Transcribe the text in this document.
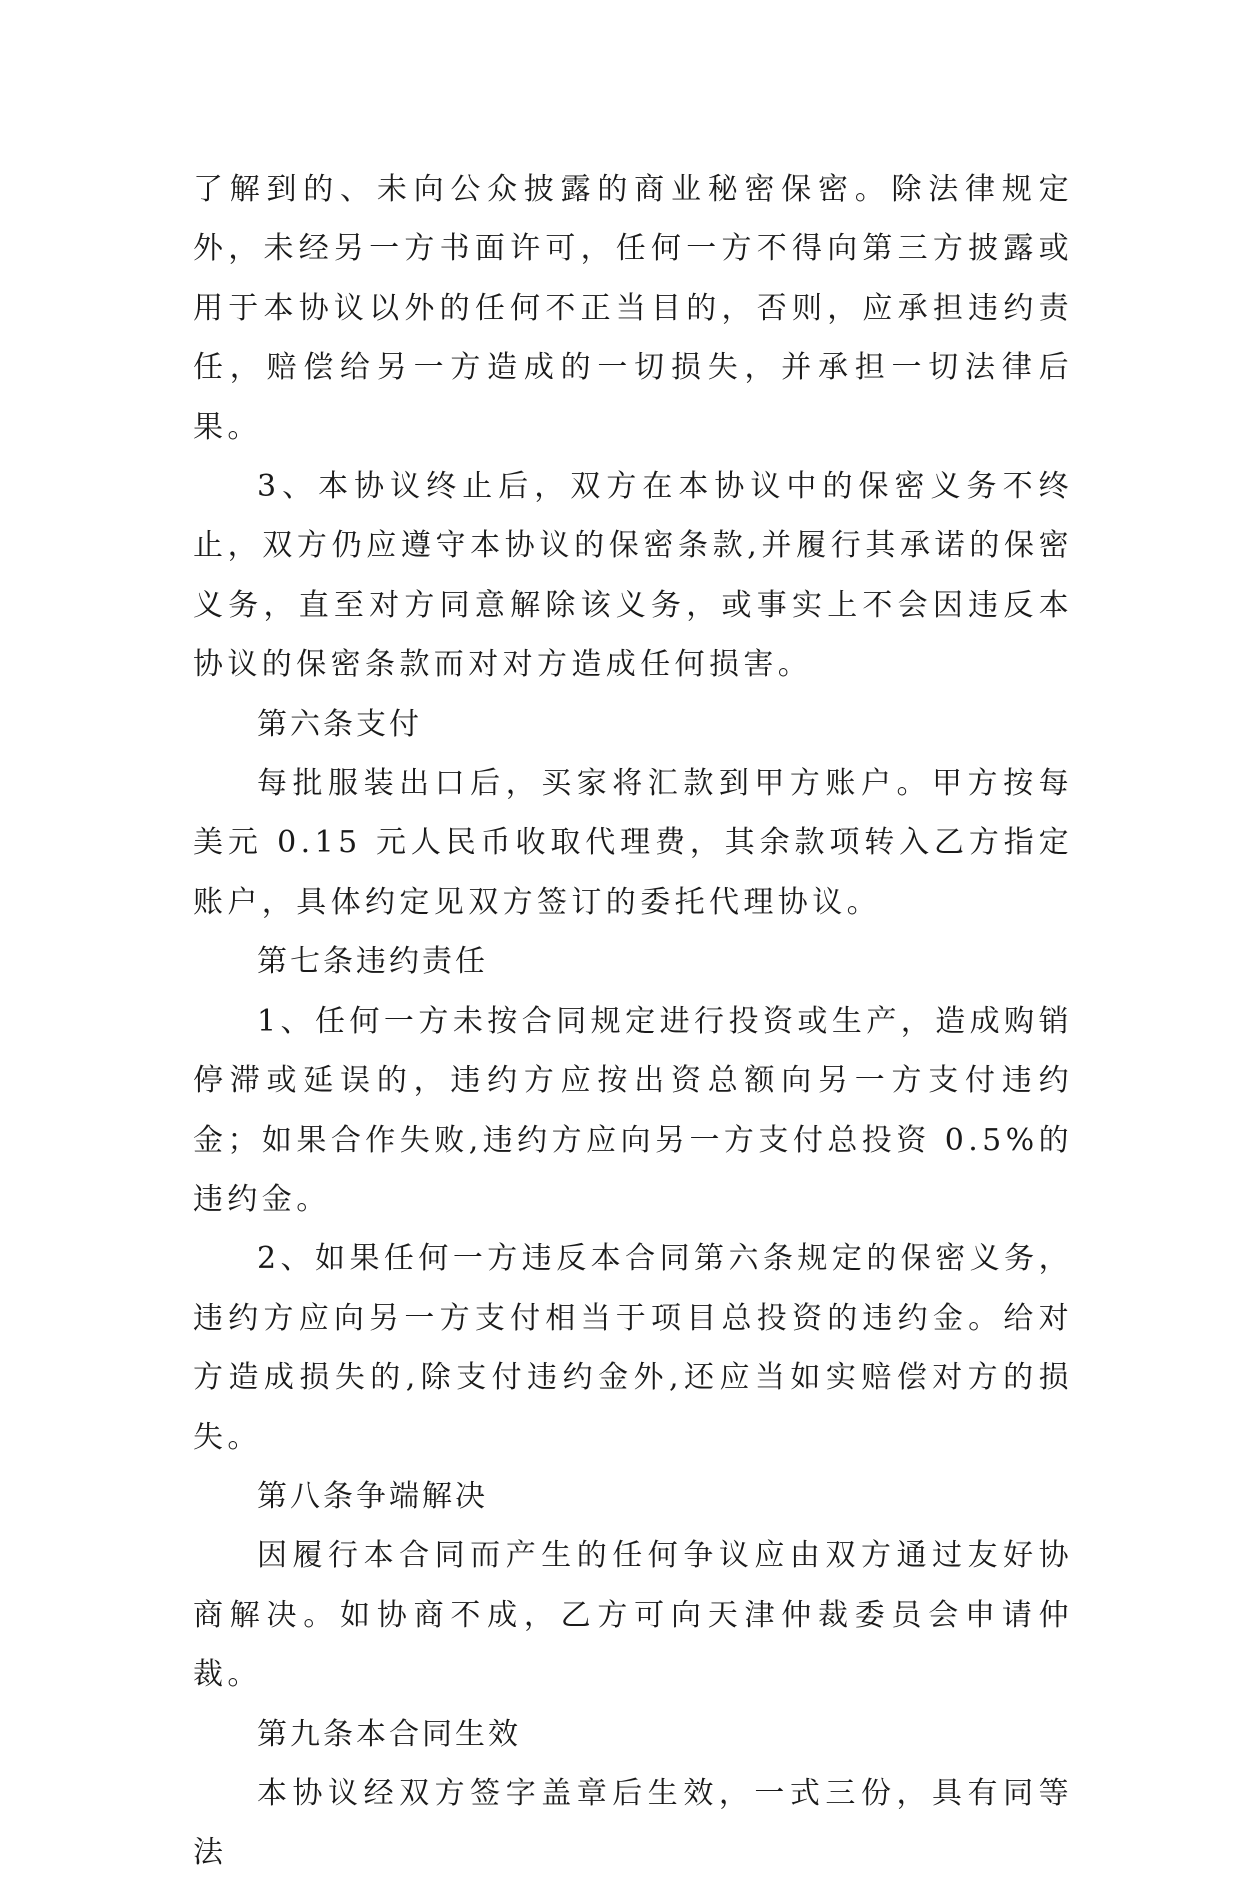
了解到的、未向公众披露的商业秘密保密。除法律规定外，未经另一方书面许可，任何一方不得向第三方披露或用于本协议以外的任何不正当目的，否则，应承担违约责任，赔偿给另一方造成的一切损失，并承担一切法律后果。

3、本协议终止后，双方在本协议中的保密义务不终止，双方仍应遵守本协议的保密条款,并履行其承诺的保密义务，直至对方同意解除该义务，或事实上不会因违反本协议的保密条款而对对方造成任何损害。

第六条支付

每批服装出口后，买家将汇款到甲方账户。甲方按每美元 0.15 元人民币收取代理费，其余款项转入乙方指定账户，具体约定见双方签订的委托代理协议。

第七条违约责任

1、任何一方未按合同规定进行投资或生产，造成购销停滞或延误的，违约方应按出资总额向另一方支付违约金；如果合作失败,违约方应向另一方支付总投资 0.5%的违约金。

2、如果任何一方违反本合同第六条规定的保密义务，违约方应向另一方支付相当于项目总投资的违约金。给对方造成损失的,除支付违约金外,还应当如实赔偿对方的损失。

第八条争端解决

因履行本合同而产生的任何争议应由双方通过友好协商解决。如协商不成，乙方可向天津仲裁委员会申请仲裁。

第九条本合同生效

本协议经双方签字盖章后生效，一式三份，具有同等法
